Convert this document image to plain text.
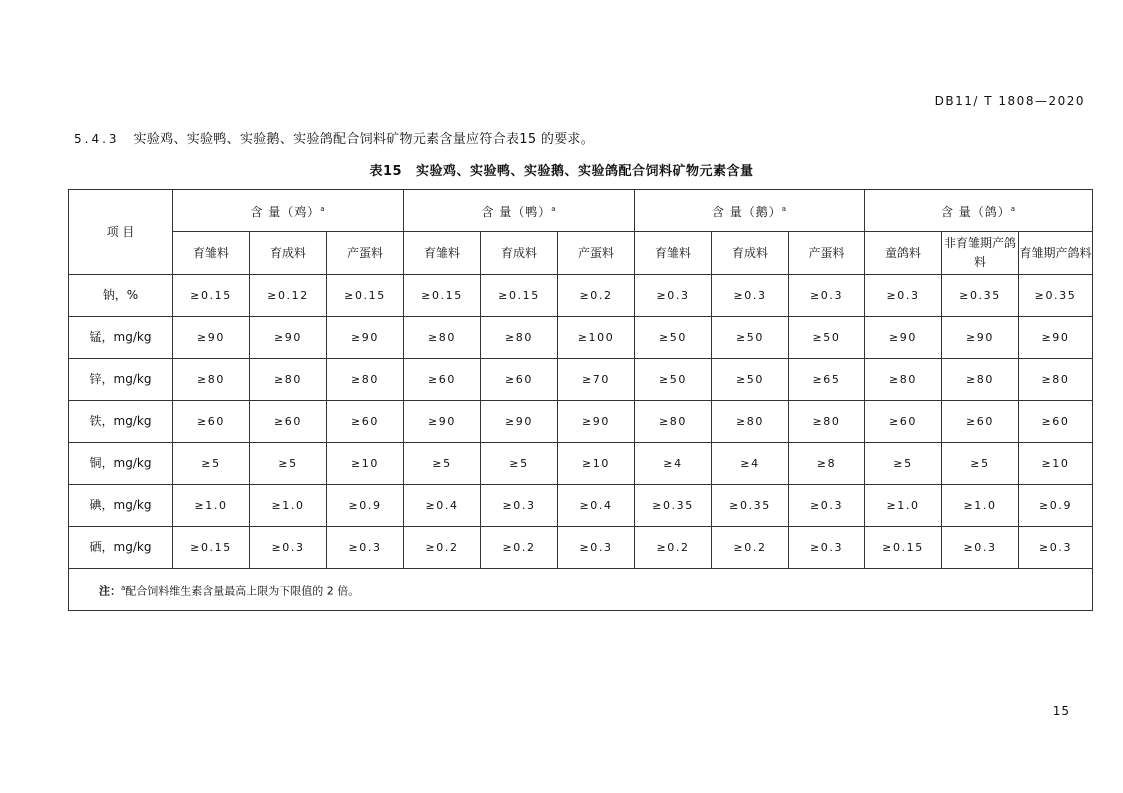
DB11/ T 1808—2020
5.4.3 实验鸡、实验鸭、实验鹅、实验鸽配合饲料矿物元素含量应符合表15 的要求。
表15 实验鸡、实验鸭、实验鹅、实验鸽配合饲料矿物元素含量
项 目	含 量（鸡）$^a$			含 量（鸭）$^a$			含 量（鹅）$^a$			含 量（鸽）$^a$
	育雏料	育成料	产蛋料	育雏料	育成料	产蛋料	育雏料	育成料	产蛋料	童鸽料	非育雏期产鸽料	育雏期产鸽料
钠，%	≥0.15	≥0.12	≥0.15	≥0.15	≥0.15	≥0.2	≥0.3	≥0.3	≥0.3	≥0.3	≥0.35	≥0.35
锰，mg/kg	≥90	≥90	≥90	≥80	≥80	≥100	≥50	≥50	≥50	≥90	≥90	≥90
锌，mg/kg	≥80	≥80	≥80	≥60	≥60	≥70	≥50	≥50	≥65	≥80	≥80	≥80
铁，mg/kg	≥60	≥60	≥60	≥90	≥90	≥90	≥80	≥80	≥80	≥60	≥60	≥60
铜，mg/kg	≥5	≥5	≥10	≥5	≥5	≥10	≥4	≥4	≥8	≥5	≥5	≥10
碘，mg/kg	≥1.0	≥1.0	≥0.9	≥0.4	≥0.3	≥0.4	≥0.35	≥0.35	≥0.3	≥1.0	≥1.0	≥0.9
硒，mg/kg	≥0.15	≥0.3	≥0.3	≥0.2	≥0.2	≥0.3	≥0.2	≥0.2	≥0.3	≥0.15	≥0.3	≥0.3
注：$^a$配合饲料维生素含量最高上限为下限值的 2 倍。												
15
